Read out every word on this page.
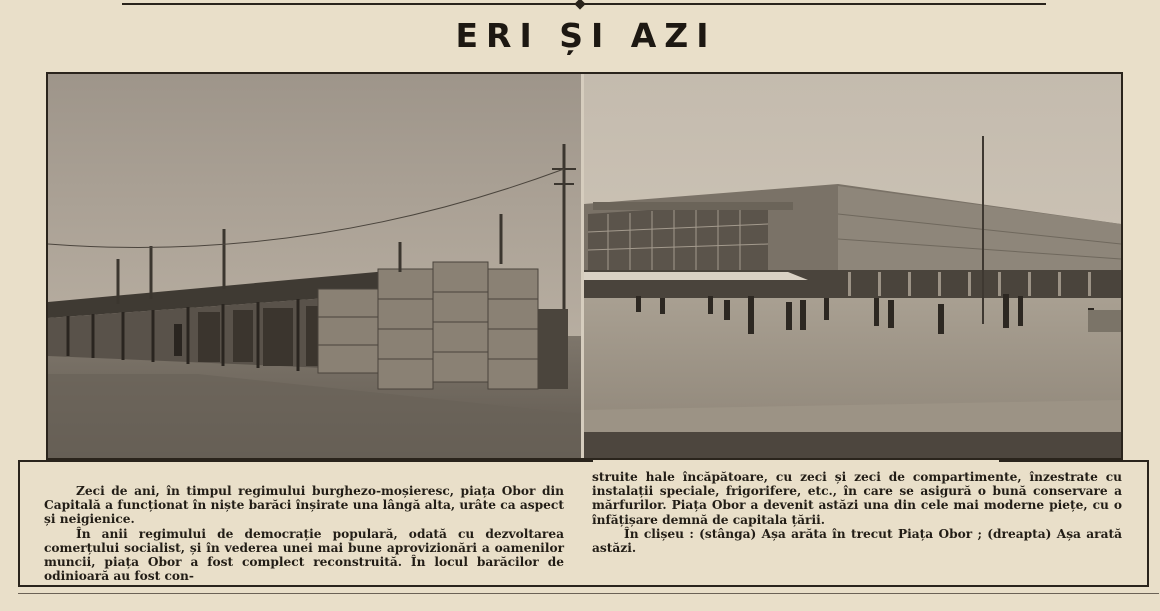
ERI ȘI AZI

Zeci de ani, în timpul regimului burghezo-moșieresc, piața Obor din Capitală a funcționat în niște barăci înșirate una lângă alta, urâte ca aspect și neigienice.

În anii regimului de democrație populară, odată cu dezvoltarea comerțului socialist, și în vederea unei mai bune aprovizionări a oamenilor muncii, piața Obor a fost complect reconstruită. În locul barăcilor de odinioară au fost con-

struite hale încăpătoare, cu zeci și zeci de compartimente, înzestrate cu instalații speciale, frigorifere, etc., în care se asigură o bună conservare a mărfurilor. Piața Obor a devenit astăzi una din cele mai moderne piețe, cu o înfățișare demnă de capitala țării.

În clișeu : (stânga) Așa arăta în trecut Piața Obor ; (dreapta) Așa arată astăzi.
